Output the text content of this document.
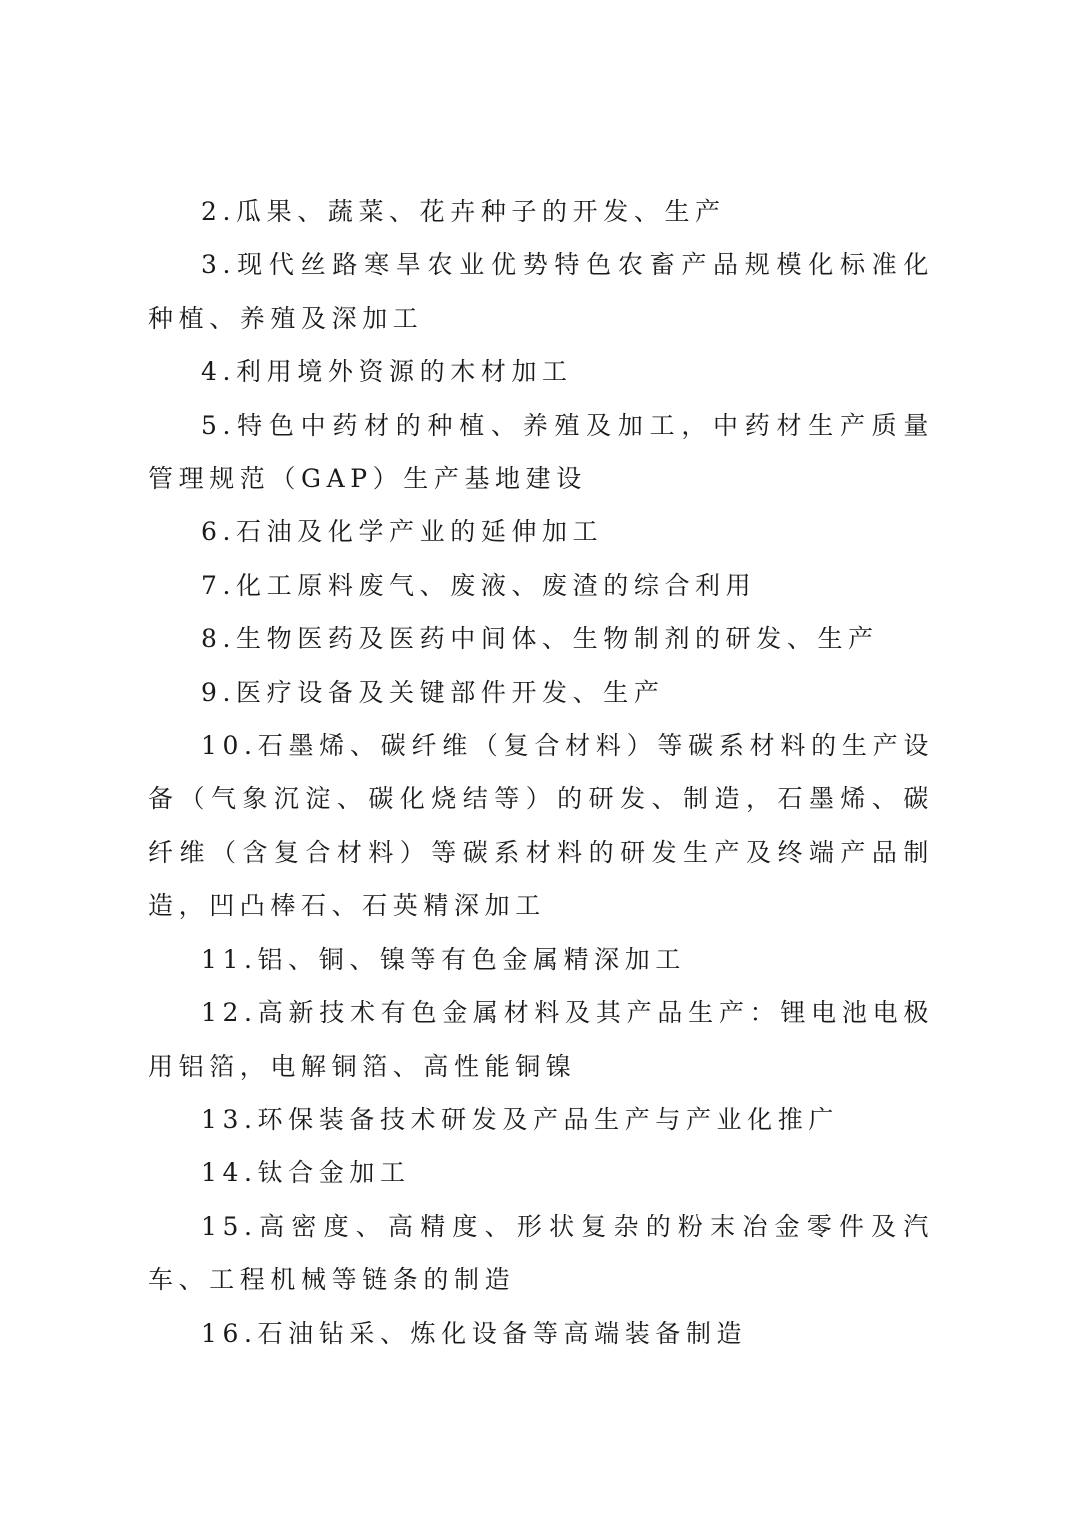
2.瓜果、蔬菜、花卉种子的开发、生产

3.现代丝路寒旱农业优势特色农畜产品规模化标准化种植、养殖及深加工

4.利用境外资源的木材加工

5.特色中药材的种植、养殖及加工，中药材生产质量管理规范（GAP）生产基地建设

6.石油及化学产业的延伸加工

7.化工原料废气、废液、废渣的综合利用

8.生物医药及医药中间体、生物制剂的研发、生产

9.医疗设备及关键部件开发、生产

10.石墨烯、碳纤维（复合材料）等碳系材料的生产设备（气象沉淀、碳化烧结等）的研发、制造，石墨烯、碳纤维（含复合材料）等碳系材料的研发生产及终端产品制造，凹凸棒石、石英精深加工

11.铝、铜、镍等有色金属精深加工

12.高新技术有色金属材料及其产品生产：锂电池电极用铝箔，电解铜箔、高性能铜镍

13.环保装备技术研发及产品生产与产业化推广

14.钛合金加工

15.高密度、高精度、形状复杂的粉末冶金零件及汽车、工程机械等链条的制造

16.石油钻采、炼化设备等高端装备制造
